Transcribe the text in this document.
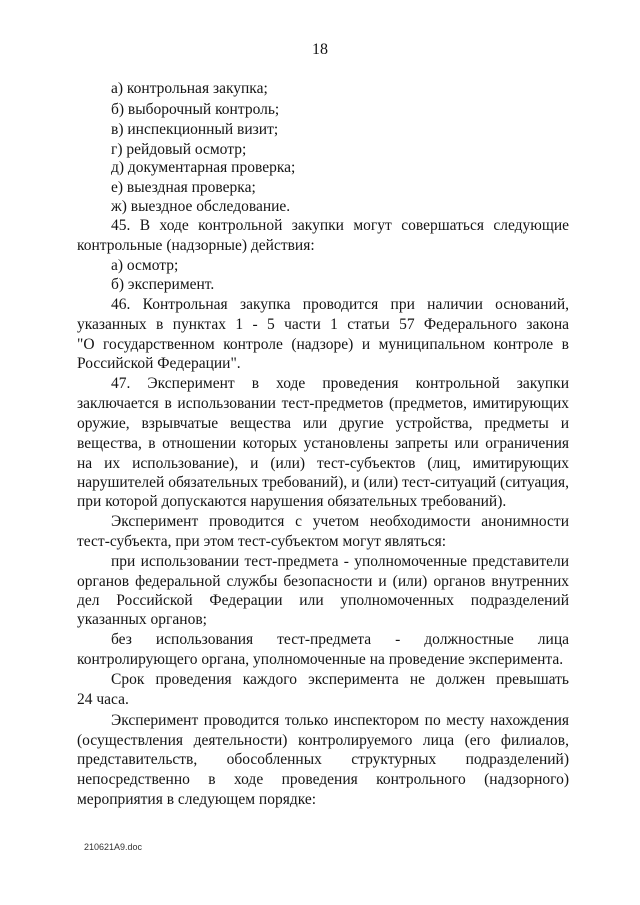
18
а) контрольная закупка;
б) выборочный контроль;
в) инспекционный визит;
г) рейдовый осмотр;
д) документарная проверка;
е) выездная проверка;
ж) выездное обследование.
45. В ходе контрольной закупки могут совершаться следующие
контрольные (надзорные) действия:
а) осмотр;
б) эксперимент.
46. Контрольная закупка проводится при наличии оснований,
указанных в пунктах 1 - 5 части 1 статьи 57 Федерального закона
"О государственном контроле (надзоре) и муниципальном контроле в
Российской Федерации".
47. Эксперимент в ходе проведения контрольной закупки
заключается в использовании тест-предметов (предметов, имитирующих
оружие, взрывчатые вещества или другие устройства, предметы и
вещества, в отношении которых установлены запреты или ограничения
на их использование), и (или) тест-субъектов (лиц, имитирующих
нарушителей обязательных требований), и (или) тест-ситуаций (ситуация,
при которой допускаются нарушения обязательных требований).
Эксперимент проводится с учетом необходимости анонимности
тест-субъекта, при этом тест-субъектом могут являться:
при использовании тест-предмета - уполномоченные представители
органов федеральной службы безопасности и (или) органов внутренних
дел Российской Федерации или уполномоченных подразделений
указанных органов;
без использования тест-предмета - должностные лица
контролирующего органа, уполномоченные на проведение эксперимента.
Срок проведения каждого эксперимента не должен превышать
24 часа.
Эксперимент проводится только инспектором по месту нахождения
(осуществления деятельности) контролируемого лица (его филиалов,
представительств, обособленных структурных подразделений)
непосредственно в ходе проведения контрольного (надзорного)
мероприятия в следующем порядке:
210621A9.doc
